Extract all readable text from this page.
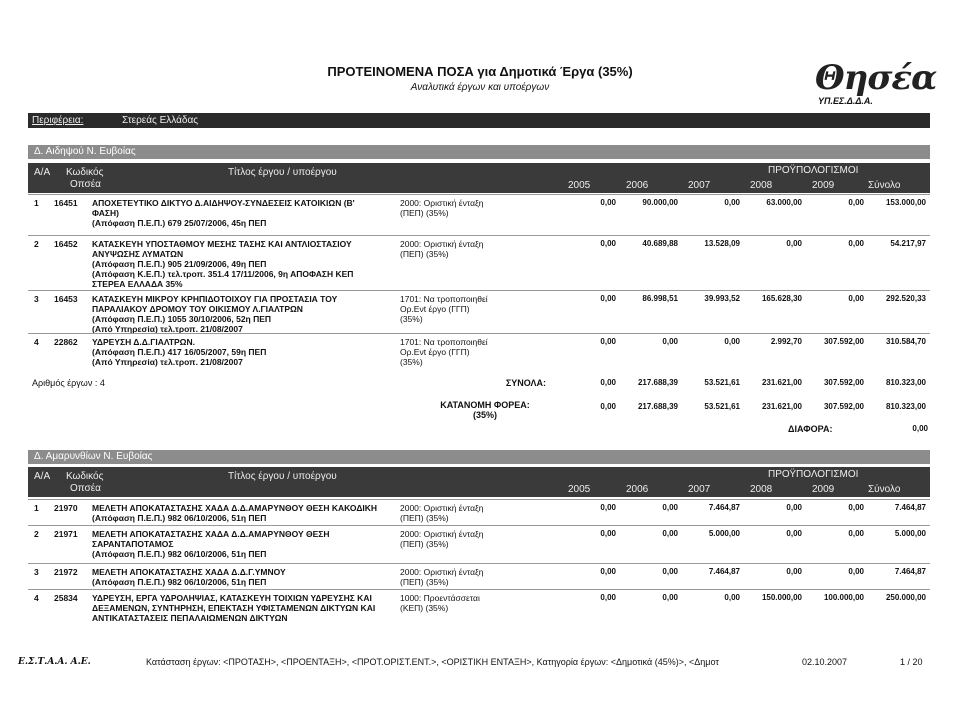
ΠΡΟΤΕΙΝΟΜΕΝΑ ΠΟΣΑ για Δημοτικά Έργα (35%)
Αναλυτικά έργων και υποέργων	Θησέα
ΥΠ.ΕΣ.Δ.Δ.Α.
Περιφέρεια:	Στερεάς Ελλάδας
Δ. Αιδηψού Ν. Ευβοίας
Α/Α Κωδικός
Οπσέα
Τίτλος έργου / υποέργου	ΠΡΟΫΠΟΛΟΓΙΣΜΟΙ
2005	2006	2007	2008	2009	Σύνολο
1 16451 ΑΠΟΧΕΤΕΥΤΙΚΟ ΔΙΚΤΥΟ Δ.ΑΙΔΗΨΟΥ-ΣΥΝΔΕΣΕΙΣ ΚΑΤΟΙΚΙΩΝ (Β'
ΦΑΣΗ)
(Απόφαση Π.Ε.Π.) 679 25/07/2006, 45η ΠΕΠ
2000: Οριστική ένταξη
(ΠΕΠ) (35%)
0,00	90.000,00	0,00	63.000,00	0,00	153.000,00
2 16452 ΚΑΤΑΣΚΕΥΗ ΥΠΟΣΤΑΘΜΟΥ ΜΕΣΗΣ ΤΑΣΗΣ ΚΑΙ ΑΝΤΛΙΟΣΤΑΣΙΟΥ
ΑΝΥΨΩΣΗΣ ΛΥΜΑΤΩΝ
(Απόφαση Π.Ε.Π.) 905 21/09/2006, 49η ΠΕΠ
(Απόφαση Κ.Ε.Π.) τελ.τροπ. 351.4 17/11/2006, 9η ΑΠΟΦΑΣΗ ΚΕΠ
ΣΤΕΡΕΑ ΕΛΛΑΔΑ 35%
2000: Οριστική ένταξη
(ΠΕΠ) (35%)
0,00	40.689,88	13.528,09	0,00	0,00	54.217,97
3 16453 ΚΑΤΑΣΚΕΥΗ ΜΙΚΡΟΥ ΚΡΗΠΙΔΟΤΟΙΧΟΥ ΓΙΑ ΠΡΟΣΤΑΣΙΑ ΤΟΥ
ΠΑΡΑΛΙΑΚΟΥ ΔΡΟΜΟΥ ΤΟΥ ΟΙΚΙΣΜΟΥ Λ.ΓΙΑΛΤΡΩΝ
(Απόφαση Π.Ε.Π.) 1055 30/10/2006, 52η ΠΕΠ
(Από Υπηρεσία) τελ.τροπ. 21/08/2007
1701: Να τροποποιηθεί
Ορ.Ενt έργο (ΓΓΠ)
(35%)
0,00	86.998,51	39.993,52	165.628,30	0,00	292.520,33
4 22862 ΥΔΡΕΥΣΗ Δ.Δ.ΓΙΑΛΤΡΩΝ.
(Απόφαση Π.Ε.Π.) 417 16/05/2007, 59η ΠΕΠ
(Από Υπηρεσία) τελ.τροπ. 21/08/2007
1701: Να τροποποιηθεί
Ορ.Ενt έργο (ΓΓΠ)
(35%)
0,00	0,00	0,00	2.992,70	307.592,00	310.584,70
Αριθμός έργων : 4	ΣΥΝΟΛΑ:	0,00	217.688,39	53.521,61	231.621,00	307.592,00	810.323,00
ΚΑΤΑΝΟΜΗ ΦΟΡΕΑ:
(35%)
0,00	217.688,39	53.521,61	231.621,00	307.592,00	810.323,00
ΔΙΑΦΟΡΑ:	0,00
Δ. Αμαρυνθίων Ν. Ευβοίας
Α/Α Κωδικός
Οπσέα
Τίτλος έργου / υποέργου	ΠΡΟΫΠΟΛΟΓΙΣΜΟΙ
2005	2006	2007	2008	2009	Σύνολο
1 21970 ΜΕΛΕΤΗ ΑΠΟΚΑΤΑΣΤΑΣΗΣ ΧΑΔΑ Δ.Δ.ΑΜΑΡΥΝΘΟΥ ΘΕΣΗ ΚΑΚΟΔΙΚΗ
(Απόφαση Π.Ε.Π.) 982 06/10/2006, 51η ΠΕΠ
2000: Οριστική ένταξη
(ΠΕΠ) (35%)
0,00	0,00	7.464,87	0,00	0,00	7.464,87
2 21971 ΜΕΛΕΤΗ ΑΠΟΚΑΤΑΣΤΑΣΗΣ ΧΑΔΑ Δ.Δ.ΑΜΑΡΥΝΘΟΥ ΘΕΣΗ
ΣΑΡΑΝΤΑΠΟΤΑΜΟΣ
(Απόφαση Π.Ε.Π.) 982 06/10/2006, 51η ΠΕΠ
2000: Οριστική ένταξη
(ΠΕΠ) (35%)
0,00	0,00	5.000,00	0,00	0,00	5.000,00
3 21972 ΜΕΛΕΤΗ ΑΠΟΚΑΤΑΣΤΑΣΗΣ ΧΑΔΑ Δ.Δ.Γ.ΥΜΝΟΥ
(Απόφαση Π.Ε.Π.) 982 06/10/2006, 51η ΠΕΠ
2000: Οριστική ένταξη
(ΠΕΠ) (35%)
0,00	0,00	7.464,87	0,00	0,00	7.464,87
4 25834 ΥΔΡΕΥΣΗ, ΕΡΓΑ ΥΔΡΟΛΗΨΙΑΣ, ΚΑΤΑΣΚΕΥΗ ΤΟΙΧΙΩΝ ΥΔΡΕΥΣΗΣ ΚΑΙ
ΔΕΞΑΜΕΝΩΝ, ΣΥΝΤΗΡΗΣΗ, ΕΠΕΚΤΑΣΗ ΥΦΙΣΤΑΜΕΝΩΝ ΔΙΚΤΥΩΝ ΚΑΙ
ΑΝΤΙΚΑΤΑΣΤΑΣΕΙΣ ΠΕΠΑΛΑΙΩΜΕΝΩΝ ΔΙΚΤΥΩΝ
1000: Προεντάσσεται
(ΚΕΠ) (35%)
0,00	0,00	0,00	150.000,00	100.000,00	250.000,00
Ε.Σ.Τ.Α.Α. Α.Ε.	Κατάσταση έργων: <ΠΡΟΤΑΣΗ>, <ΠΡΟΕΝΤΑΞΗ>, <ΠΡΟΤ.ΟΡΙΣΤ.ΕΝΤ.>, <ΟΡΙΣΤΙΚΗ ΕΝΤΑΞΗ>, Κατηγορία έργων: <Δημοτικά (45%)>, <Δημοτ	02.10.2007	1 / 20
